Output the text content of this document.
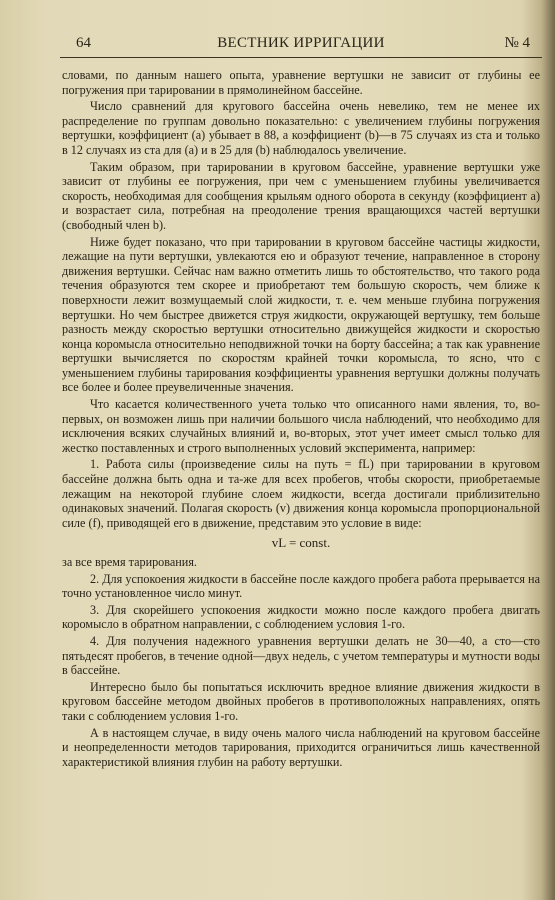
64	ВЕСТНИК ИРРИГАЦИИ	№ 4

словами, по данным нашего опыта, уравнение вертушки не зависит от глубины ее погружения при тарировании в прямолинейном бассейне.

Число сравнений для кругового бассейна очень невелико, тем не менее их распределение по группам довольно показательно: с увеличением глубины погружения вертушки, коэффициент (a) убывает в 88, а коэффициент (b)—в 75 случаях из ста и только в 12 случаях из ста для (a) и в 25 для (b) наблюдалось увеличение.

Таким образом, при тарировании в круговом бассейне, уравнение вертушки уже зависит от глубины ее погружения, при чем с уменьшением глубины увеличивается скорость, необходимая для сообщения крыльям одного оборота в секунду (коэффициент a) и возрастает сила, потребная на преодоление трения вращающихся частей вертушки (свободный член b).

Ниже будет показано, что при тарировании в круговом бассейне частицы жидкости, лежащие на пути вертушки, увлекаются ею и образуют течение, направленное в сторону движения вертушки. Сейчас нам важно отметить лишь то обстоятельство, что такого рода течения образуются тем скорее и приобретают тем большую скорость, чем ближе к поверхности лежит возмущаемый слой жидкости, т. е. чем меньше глубина погружения вертушки. Но чем быстрее движется струя жидкости, окружающей вертушку, тем больше разность между скоростью вертушки относительно движущейся жидкости и скоростью конца коромысла относительно неподвижной точки на борту бассейна; а так как уравнение вертушки вычисляется по скоростям крайней точки коромысла, то ясно, что с уменьшением глубины тарирования коэффициенты уравнения вертушки должны получать все более и более преувеличенные значения.

Что касается количественного учета только что описанного нами явления, то, во-первых, он возможен лишь при наличии большого числа наблюдений, что необходимо для исключения всяких случайных влияний и, во-вторых, этот учет имеет смысл только для жестко поставленных и строго выполненных условий эксперимента, например:

1. Работа силы (произведение силы на путь = fL) при тарировании в круговом бассейне должна быть одна и та-же для всех пробегов, чтобы скорости, приобретаемые лежащим на некоторой глубине слоем жидкости, всегда достигали приблизительно одинаковых значений. Полагая скорость (v) движения конца коромысла пропорциональной силе (f), приводящей его в движение, представим это условие в виде:

vL = const.

за все время тарирования.

2. Для успокоения жидкости в бассейне после каждого пробега работа прерывается на точно установленное число минут.

3. Для скорейшего успокоения жидкости можно после каждого пробега двигать коромысло в обратном направлении, с соблюдением условия 1-го.

4. Для получения надежного уравнения вертушки делать не 30—40, а сто—сто пятьдесят пробегов, в течение одной—двух недель, с учетом температуры и мутности воды в бассейне.

Интересно было бы попытаться исключить вредное влияние движения жидкости в круговом бассейне методом двойных пробегов в противоположных направлениях, опять таки с соблюдением условия 1-го.

А в настоящем случае, в виду очень малого числа наблюдений на круговом бассейне и неопределенности методов тарирования, приходится ограничиться лишь качественной характеристикой влияния глубин на работу вертушки.
